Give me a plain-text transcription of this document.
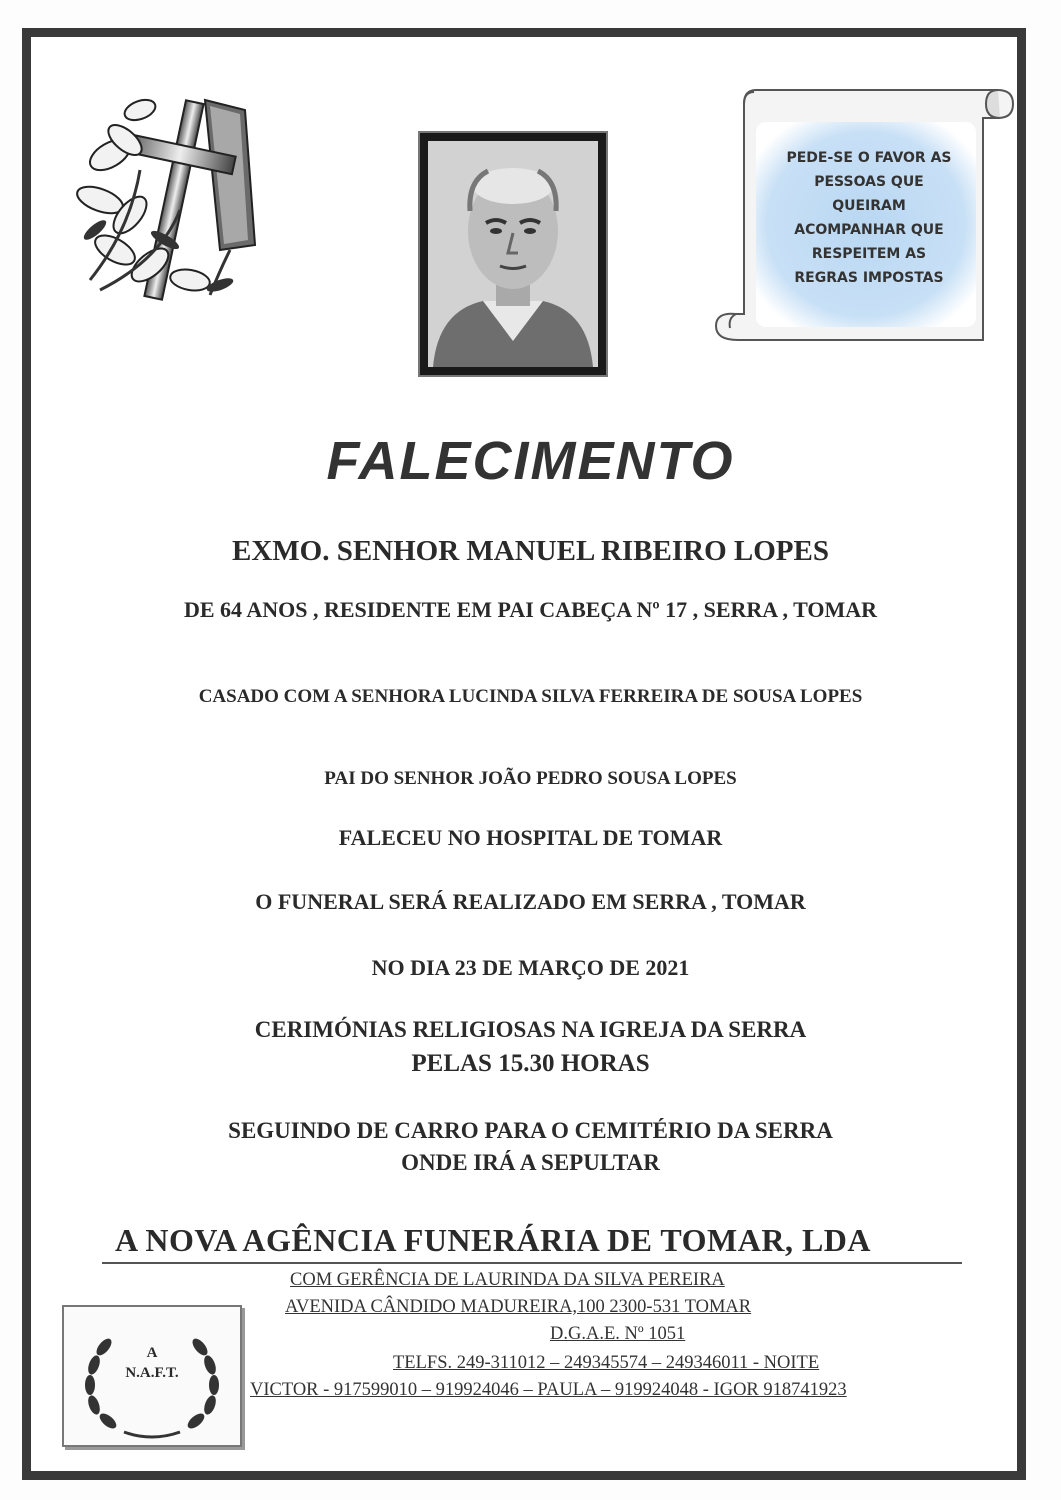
PEDE-SE O FAVOR AS
PESSOAS QUE
QUEIRAM
ACOMPANHAR QUE
RESPEITEM AS
REGRAS IMPOSTAS
FALECIMENTO
EXMO. SENHOR MANUEL RIBEIRO LOPES
DE 64 ANOS , RESIDENTE EM PAI CABEÇA Nº 17 , SERRA , TOMAR
CASADO COM A SENHORA LUCINDA SILVA FERREIRA DE SOUSA LOPES
PAI DO SENHOR JOÃO PEDRO SOUSA LOPES
FALECEU NO HOSPITAL DE TOMAR
O FUNERAL SERÁ REALIZADO EM SERRA , TOMAR
NO DIA 23 DE MARÇO DE 2021
CERIMÓNIAS RELIGIOSAS NA IGREJA DA SERRA
PELAS 15.30 HORAS
SEGUINDO DE CARRO PARA O CEMITÉRIO DA SERRA
ONDE IRÁ A SEPULTAR
A NOVA AGÊNCIA FUNERÁRIA DE TOMAR, LDA
A
N.A.F.T.
COM GERÊNCIA DE LAURINDA DA SILVA PEREIRA
AVENIDA CÂNDIDO MADUREIRA,100 2300-531 TOMAR
D.G.A.E. Nº 1051
TELFS. 249-311012 – 249345574 – 249346011 - NOITE
VICTOR - 917599010 – 919924046 – PAULA – 919924048 - IGOR 918741923
